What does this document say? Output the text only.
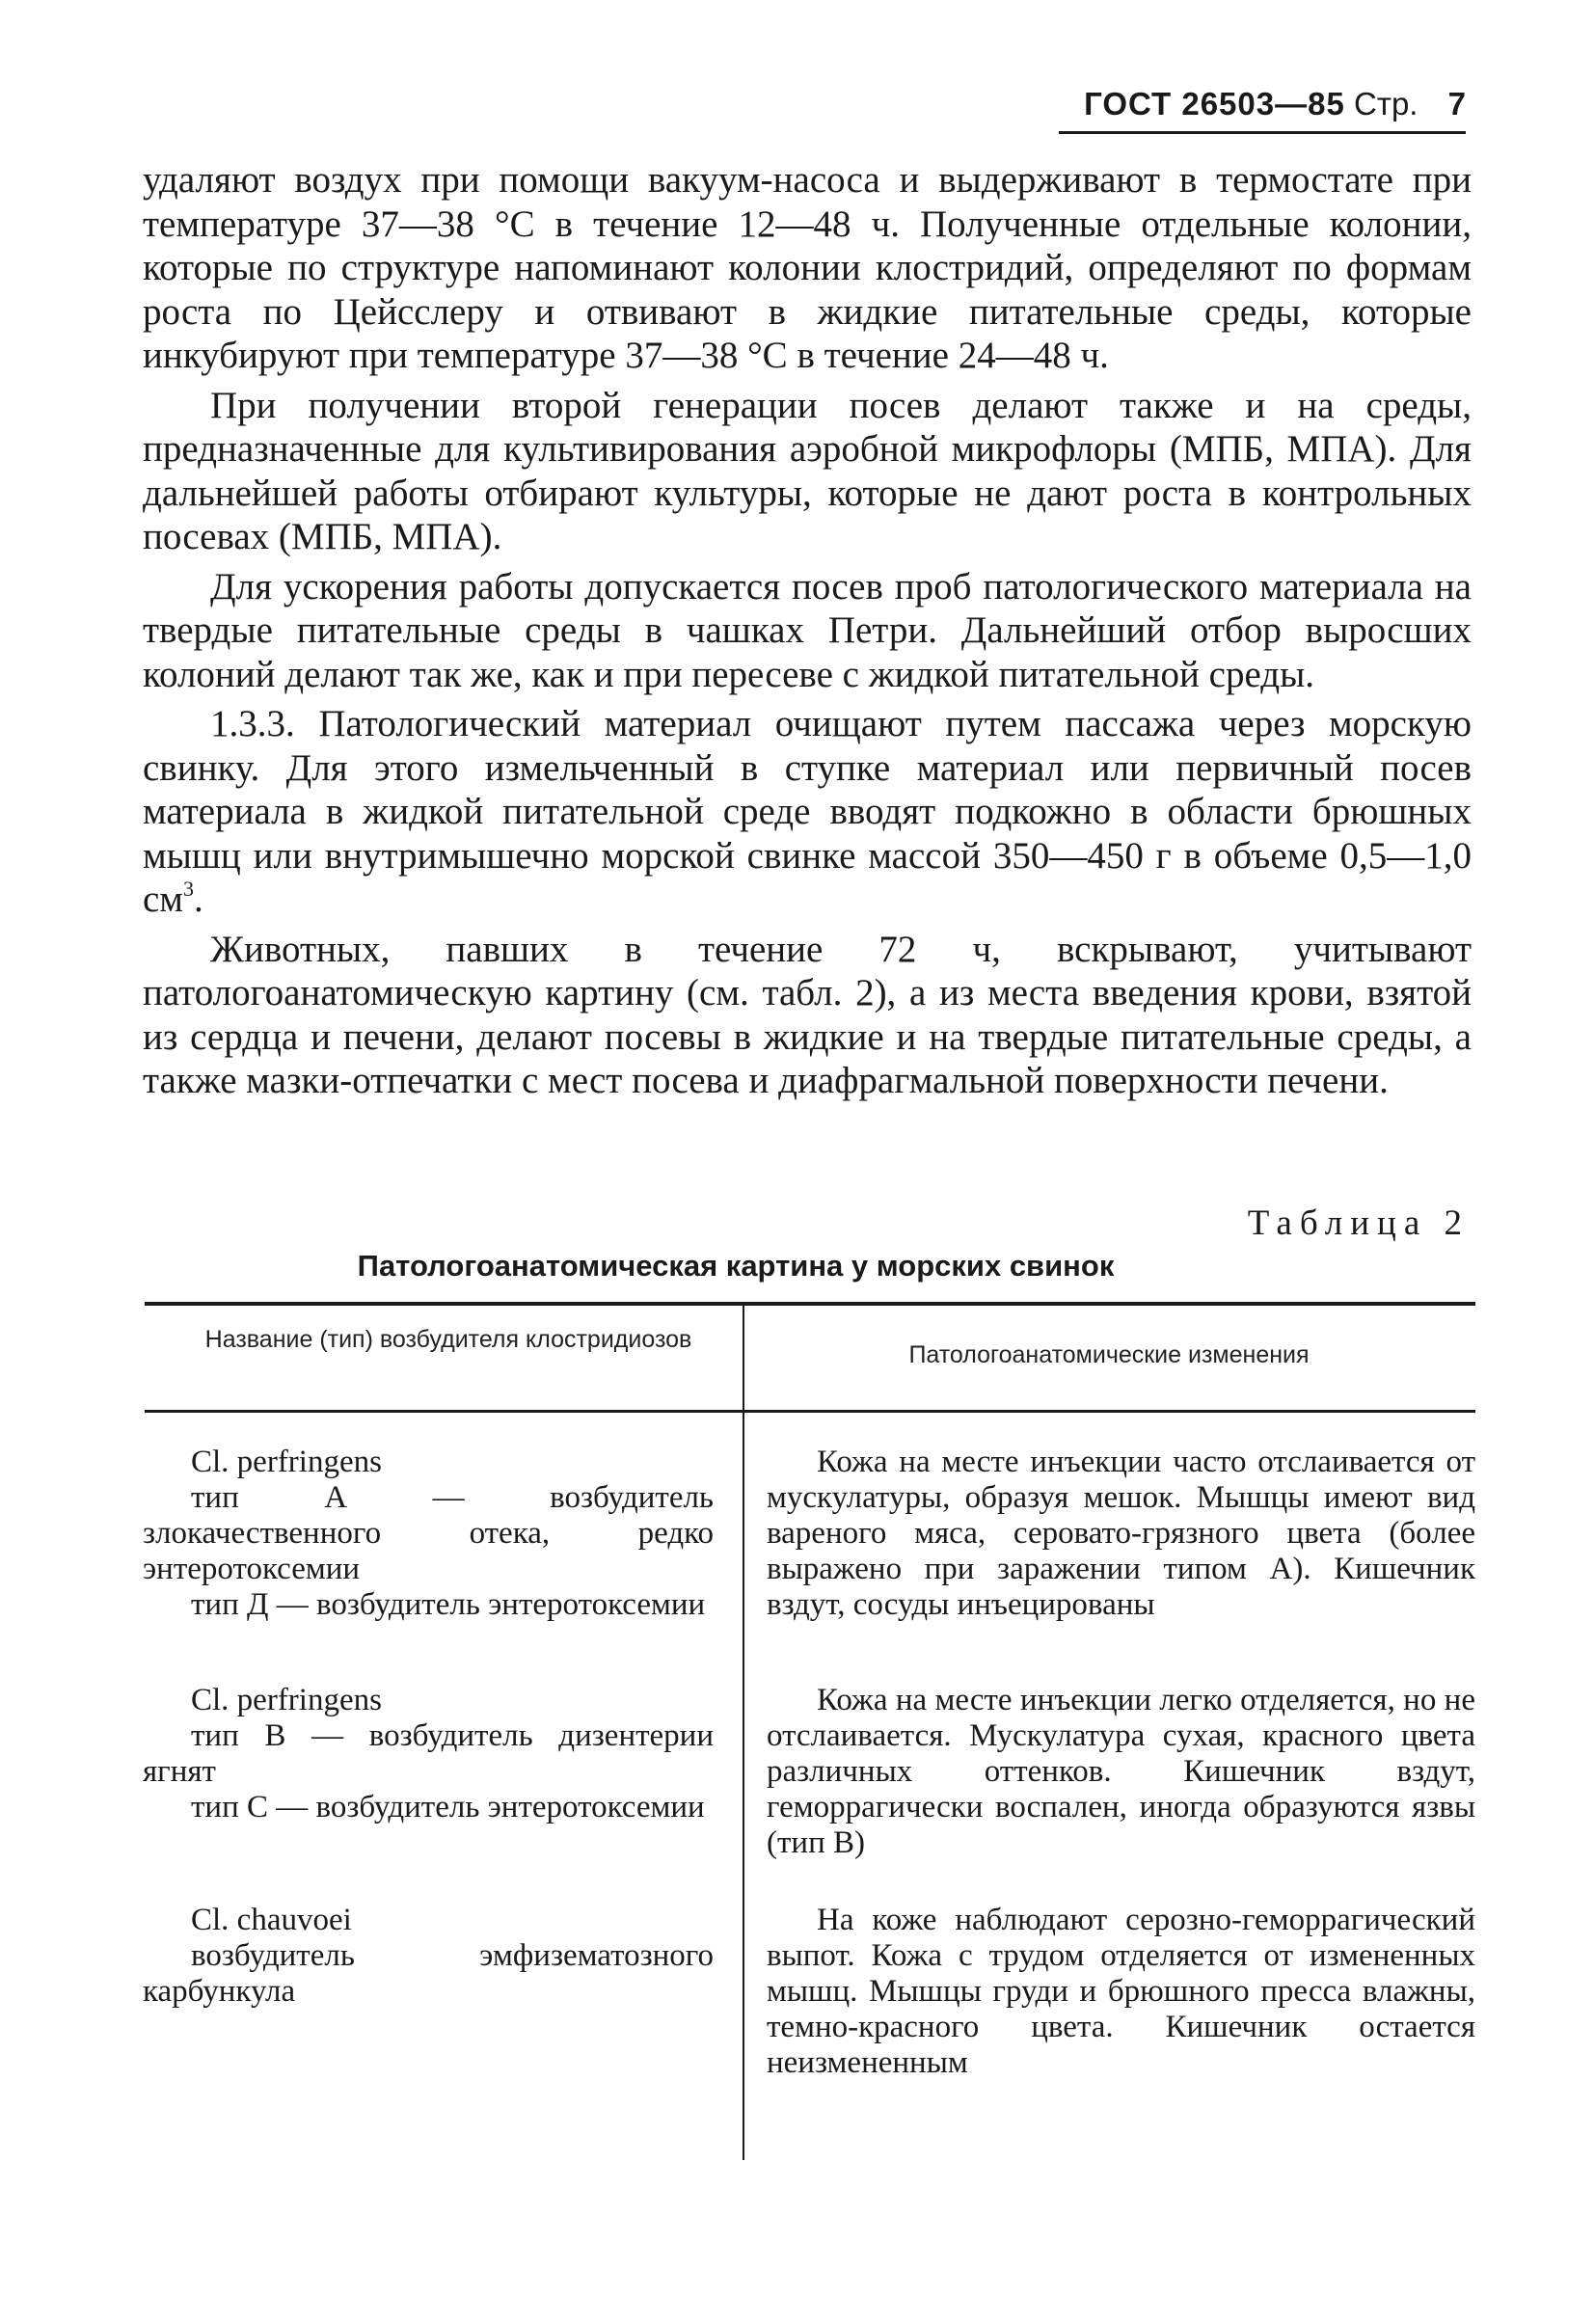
ГОСТ 26503—85 Стр. 7

удаляют воздух при помощи вакуум-насоса и выдерживают в термостате при температуре 37—38 °С в течение 12—48 ч. Полученные отдельные колонии, которые по структуре напоминают колонии клостридий, определяют по формам роста по Цейсслеру и отвивают в жидкие питательные среды, которые инкубируют при температуре 37—38 °С в течение 24—48 ч.

При получении второй генерации посев делают также и на среды, предназначенные для культивирования аэробной микрофлоры (МПБ, МПА). Для дальнейшей работы отбирают культуры, которые не дают роста в контрольных посевах (МПБ, МПА).

Для ускорения работы допускается посев проб патологического материала на твердые питательные среды в чашках Петри. Дальнейший отбор выросших колоний делают так же, как и при пересеве с жидкой питательной среды.

1.3.3. Патологический материал очищают путем пассажа через морскую свинку. Для этого измельченный в ступке материал или первичный посев материала в жидкой питательной среде вводят подкожно в области брюшных мышц или внутримышечно морской свинке массой 350—450 г в объеме 0,5—1,0 $см^3$.

Животных, павших в течение 72 ч, вскрывают, учитывают патологоанатомическую картину (см. табл. 2), а из места введения крови, взятой из сердца и печени, делают посевы в жидкие и на твердые питательные среды, а также мазки-отпечатки с мест посева и диафрагмальной поверхности печени.

Таблица 2
Патологоанатомическая картина у морских свинок
Название (тип) возбудителя клостридиозов
Патологоанатомические изменения

Cl. perfringens

тип А — возбудитель злокачественного отека, редко энтеротоксемии

тип Д — возбудитель энтеротоксемии

Кожа на месте инъекции часто отслаивается от мускулатуры, образуя мешок. Мышцы имеют вид вареного мяса, серовато-грязного цвета (более выражено при заражении типом А). Кишечник вздут, сосуды инъецированы

Cl. perfringens

тип В — возбудитель дизентерии ягнят

тип С — возбудитель энтеротоксемии

Кожа на месте инъекции легко отделяется, но не отслаивается. Мускулатура сухая, красного цвета различных оттенков. Кишечник вздут, геморрагически воспален, иногда образуются язвы (тип В)

Cl. chauvoei

возбудитель эмфизематозного карбункула

На коже наблюдают серозно-геморрагический выпот. Кожа с трудом отделяется от измененных мышц. Мышцы груди и брюшного пресса влажны, темно-красного цвета. Кишечник остается неизмененным
